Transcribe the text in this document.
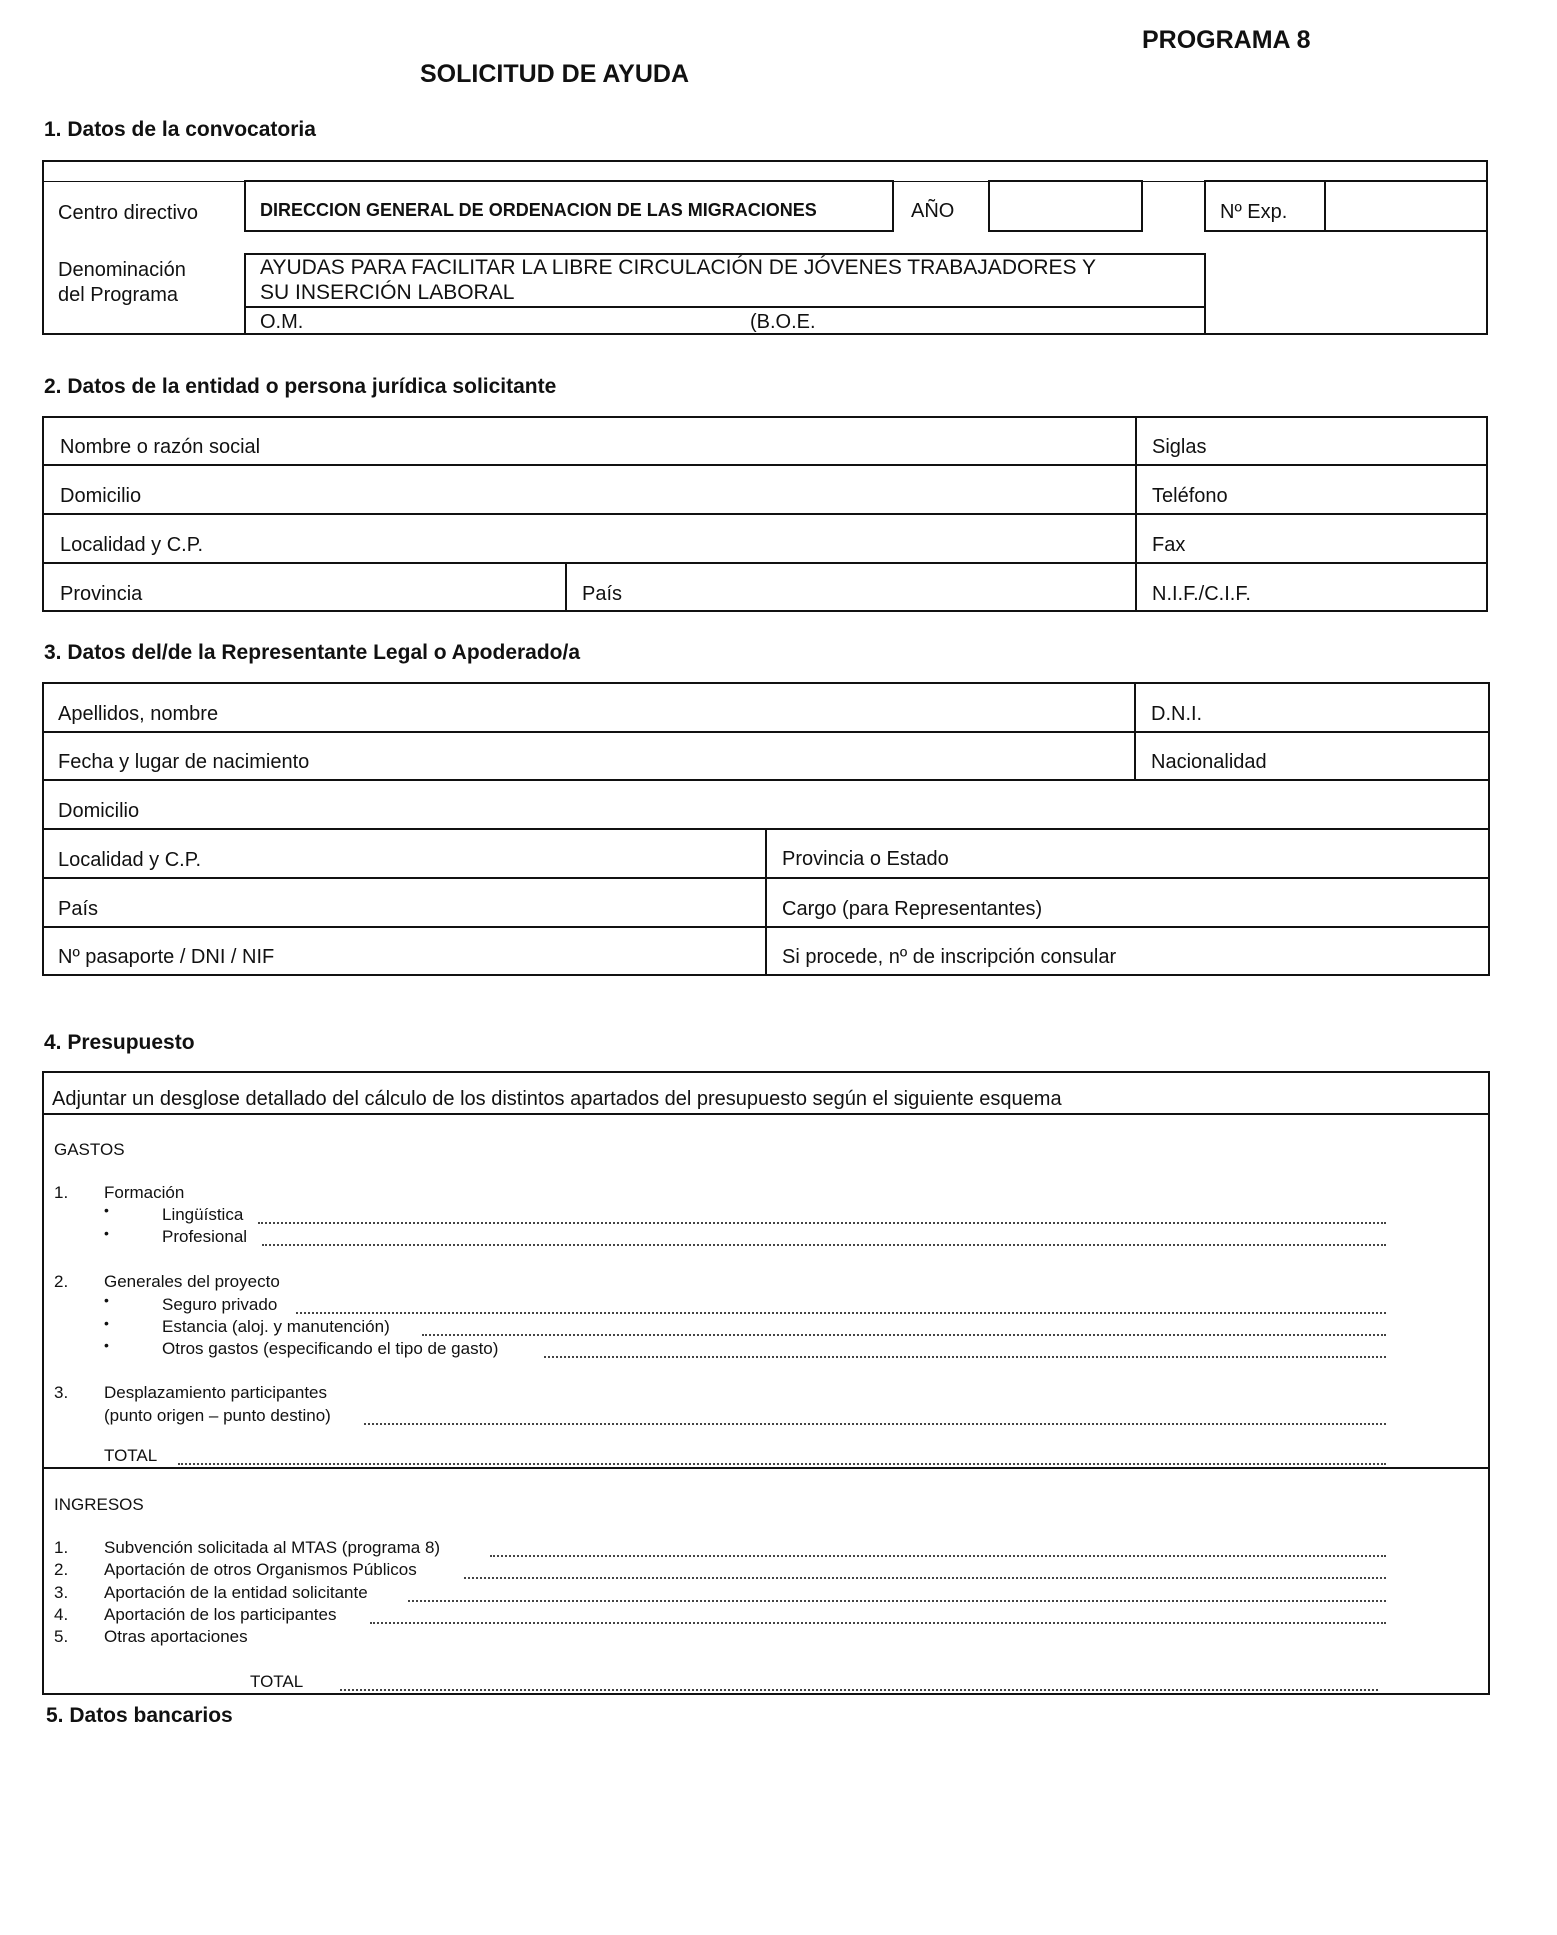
PROGRAMA 8
SOLICITUD DE AYUDA
1. Datos de la convocatoria
Centro directivo	DIRECCION GENERAL DE ORDENACION DE LAS MIGRACIONES	AÑO	Nº Exp.
Denominación
del Programa
AYUDAS PARA FACILITAR LA LIBRE CIRCULACIÓN DE JÓVENES TRABAJADORES Y
SU INSERCIÓN LABORAL
O.M.	(B.O.E.
2. Datos de la entidad o persona jurídica solicitante
Nombre o razón social	Siglas
Domicilio	Teléfono
Localidad y C.P.	Fax
Provincia	País	N.I.F./C.I.F.
3. Datos del/de la Representante Legal o Apoderado/a
Apellidos, nombre	D.N.I.
Fecha y lugar de nacimiento	Nacionalidad
Domicilio
Localidad y C.P.	Provincia o Estado
País	Cargo (para Representantes)
Nº pasaporte / DNI / NIF	Si procede, nº de inscripción consular
4. Presupuesto
Adjuntar un desglose detallado del cálculo de los distintos apartados del presupuesto según el siguiente esquema
GASTOS
1. Formación
•	Lingüística
•	Profesional
2. Generales del proyecto
•	Seguro privado
•	Estancia (aloj. y manutención)
•	Otros gastos (especificando el tipo de gasto)
3. Desplazamiento participantes
(punto origen – punto destino)
TOTAL
INGRESOS
1. Subvención solicitada al MTAS (programa 8)
2. Aportación de otros Organismos Públicos
3. Aportación de la entidad solicitante
4. Aportación de los participantes
5. Otras aportaciones
TOTAL
5. Datos bancarios
